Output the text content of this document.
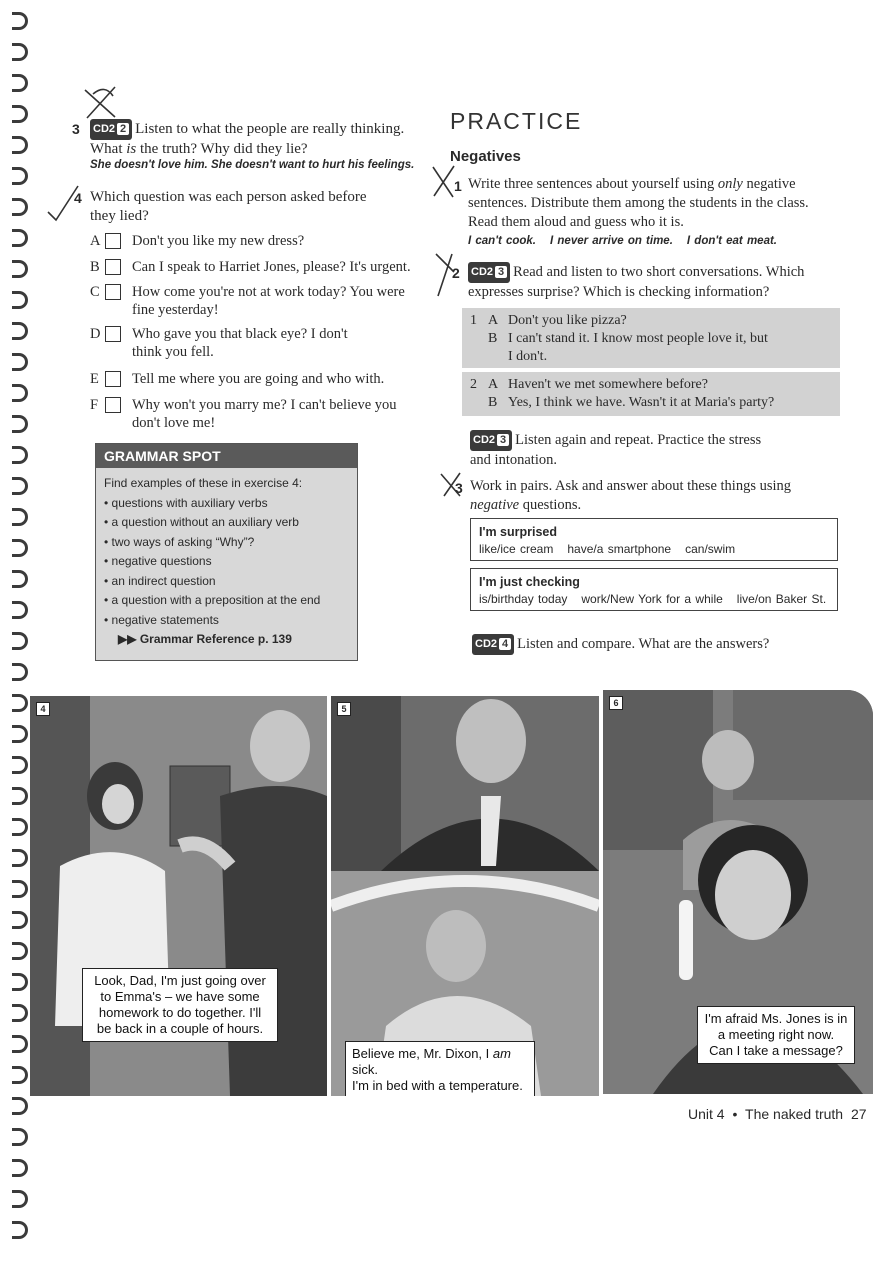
3 CD2 2 Listen to what the people are really thinking.
What is the truth? Why did they lie?
She doesn't love him. She doesn't want to hurt his feelings.
4 Which question was each person asked before
they lied?
A Don't you like my new dress?
B Can I speak to Harriet Jones, please? It's urgent.
C How come you're not at work today? You were fine yesterday!
D Who gave you that black eye? I don't think you fell.
E Tell me where you are going and who with.
F Why won't you marry me? I can't believe you don't love me!
GRAMMAR SPOT
Find examples of these in exercise 4:
• questions with auxiliary verbs
• a question without an auxiliary verb
• two ways of asking “Why”?
• negative questions
• an indirect question
• a question with a preposition at the end
• negative statements
▶▶ Grammar Reference p. 139
PRACTICE
Negatives
1 Write three sentences about yourself using only negative
sentences. Distribute them among the students in the class.
Read them aloud and guess who it is.
I can't cook. I never arrive on time. I don't eat meat.
2 CD2 3 Read and listen to two short conversations. Which
expresses surprise? Which is checking information?
1 A Don't you like pizza?
B I can't stand it. I know most people love it, but
I don't.
2 A Haven't we met somewhere before?
B Yes, I think we have. Wasn't it at Maria's party?
CD2 3 Listen again and repeat. Practice the stress
and intonation.
3 Work in pairs. Ask and answer about these things using
negative questions.
I'm surprised
like/ice cream have/a smartphone can/swim
I'm just checking
is/birthday today work/New York for a while live/on Baker St.
CD2 4 Listen and compare. What are the answers?
4
Look, Dad, I'm just going over
to Emma's – we have some
homework to do together. I'll
be back in a couple of hours.
5
Believe me, Mr. Dixon, I am sick.
I'm in bed with a temperature.
6
I'm afraid Ms. Jones is in
a meeting right now.
Can I take a message?
Unit 4 • The naked truth 27
